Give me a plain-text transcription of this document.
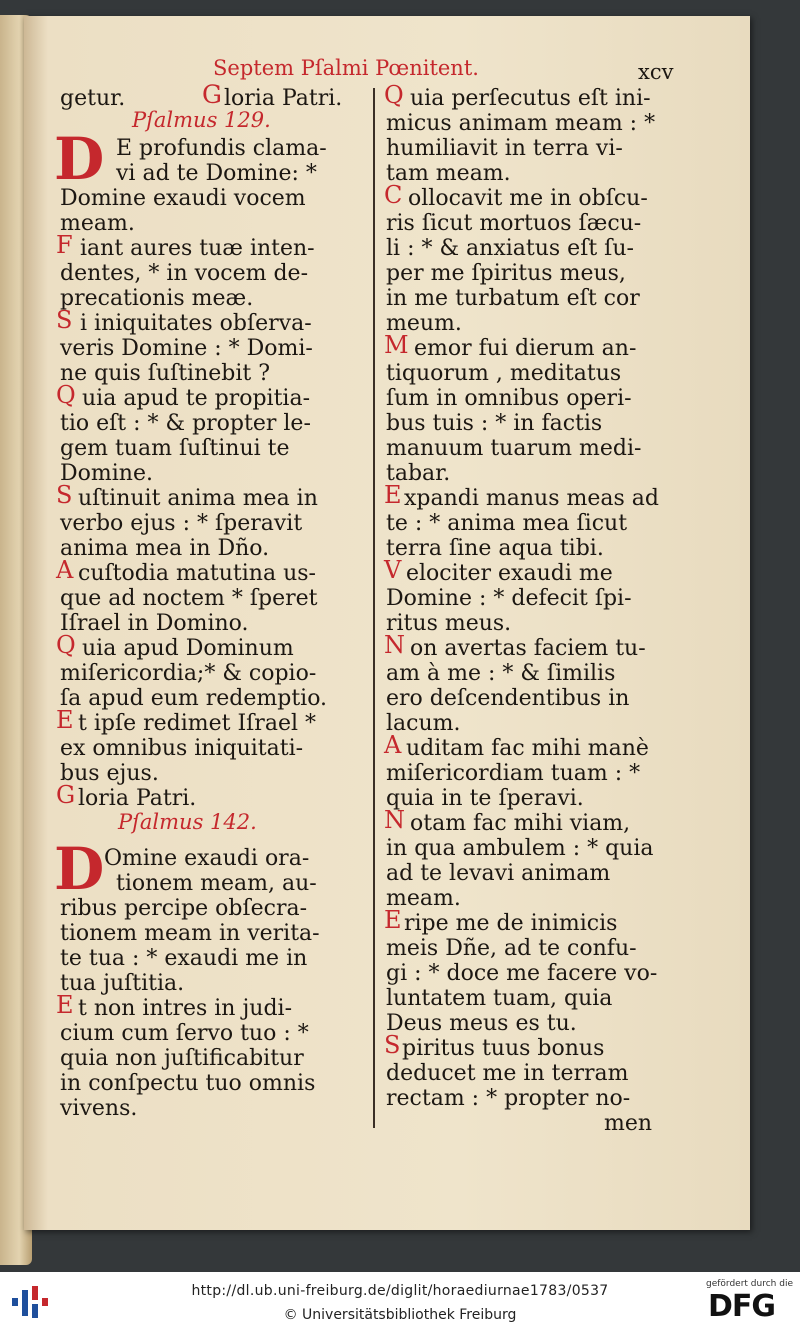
Septem Pſalmi Pœnitent.	xcv
getur.	G loria Patri.
Pſalmus 129.
D E profundis clama-
vi ad te Domine: *
Domine exaudi vocem
meam.
F iant aures tuæ inten-
dentes, * in vocem de-
precationis meæ.
S i iniquitates obſerva-
veris Domine : * Domi-
ne quis ſuſtinebit ?
Q uia apud te propitia-
tio eſt : * & propter le-
gem tuam ſuſtinui te
Domine.
S uſtinuit anima mea in
verbo ejus : * ſperavit
anima mea in Dño.
A cuſtodia matutina us-
que ad noctem * ſperet
Iſrael in Domino.
Q uia apud Dominum
miſericordia;* & copio-
ſa apud eum redemptio.
E t ipſe redimet Iſrael *
ex omnibus iniquitati-
bus ejus.
G loria Patri.
Pſalmus 142.
D Omine exaudi ora-
tionem meam, au-
ribus percipe obſecra-
tionem meam in verita-
te tua : * exaudi me in
tua juſtitia.
E t non intres in judi-
cium cum ſervo tuo : *
quia non juſtificabitur
in conſpectu tuo omnis
vivens.
Q uia perſecutus eſt ini-
micus animam meam : *
humiliavit in terra vi-
tam meam.
C ollocavit me in obſcu-
ris ſicut mortuos ſæcu-
li : * & anxiatus eſt ſu-
per me ſpiritus meus,
in me turbatum eſt cor
meum.
M emor fui dierum an-
tiquorum , meditatus
ſum in omnibus operi-
bus tuis : * in factis
manuum tuarum medi-
tabar.
E xpandi manus meas ad
te : * anima mea ſicut
terra ſine aqua tibi.
V elociter exaudi me
Domine : * defecit ſpi-
ritus meus.
N on avertas faciem tu-
am à me : * & ſimilis
ero deſcendentibus in
lacum.
A uditam fac mihi manè
miſericordiam tuam : *
quia in te ſperavi.
N otam fac mihi viam,
in qua ambulem : * quia
ad te levavi animam
meam.
E ripe me de inimicis
meis Dñe, ad te confu-
gi : * doce me facere vo-
luntatem tuam, quia
Deus meus es tu.
S piritus tuus bonus
deducet me in terram
rectam : * propter no-
men
http://dl.ub.uni-freiburg.de/diglit/horaediurnae1783/0537
© Universitätsbibliothek Freiburg
gefördert durch die
DFG
